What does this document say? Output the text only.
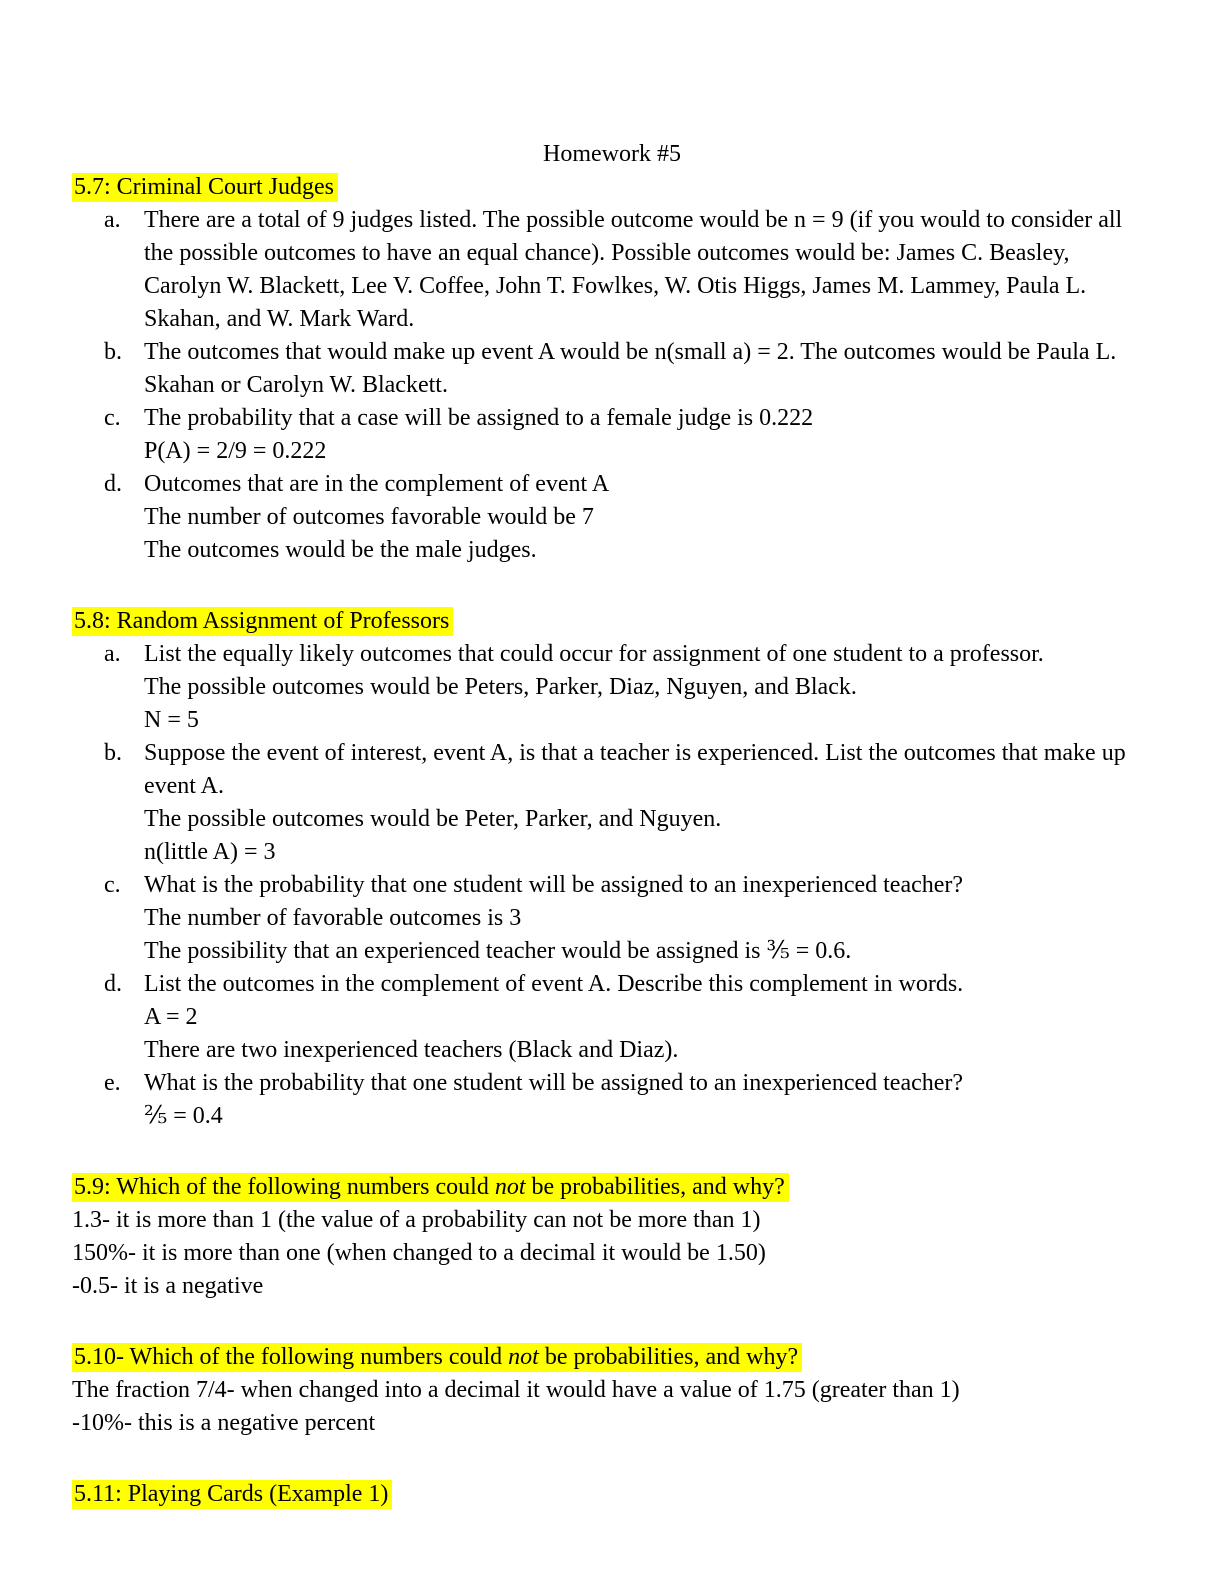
Homework #5
5.7: Criminal Court Judges
a. There are a total of 9 judges listed. The possible outcome would be n = 9 (if you would to consider all
the possible outcomes to have an equal chance). Possible outcomes would be: James C. Beasley,
Carolyn W. Blackett, Lee V. Coffee, John T. Fowlkes, W. Otis Higgs, James M. Lammey, Paula L.
Skahan, and W. Mark Ward.
b. The outcomes that would make up event A would be n(small a) = 2. The outcomes would be Paula L.
Skahan or Carolyn W. Blackett.
c. The probability that a case will be assigned to a female judge is 0.222
P(A) = 2/9 = 0.222
d. Outcomes that are in the complement of event A
The number of outcomes favorable would be 7
The outcomes would be the male judges.
5.8: Random Assignment of Professors
a. List the equally likely outcomes that could occur for assignment of one student to a professor.
The possible outcomes would be Peters, Parker, Diaz, Nguyen, and Black.
N = 5
b. Suppose the event of interest, event A, is that a teacher is experienced. List the outcomes that make up
event A.
The possible outcomes would be Peter, Parker, and Nguyen.
n(little A) = 3
c. What is the probability that one student will be assigned to an inexperienced teacher?
The number of favorable outcomes is 3
The possibility that an experienced teacher would be assigned is ⅗ = 0.6.
d. List the outcomes in the complement of event A. Describe this complement in words.
A = 2
There are two inexperienced teachers (Black and Diaz).
e. What is the probability that one student will be assigned to an inexperienced teacher?
⅖ = 0.4
5.9: Which of the following numbers could not be probabilities, and why?
1.3- it is more than 1 (the value of a probability can not be more than 1)
150%- it is more than one (when changed to a decimal it would be 1.50)
-0.5- it is a negative
5.10- Which of the following numbers could not be probabilities, and why?
The fraction 7/4- when changed into a decimal it would have a value of 1.75 (greater than 1)
-10%- this is a negative percent
5.11: Playing Cards (Example 1)
